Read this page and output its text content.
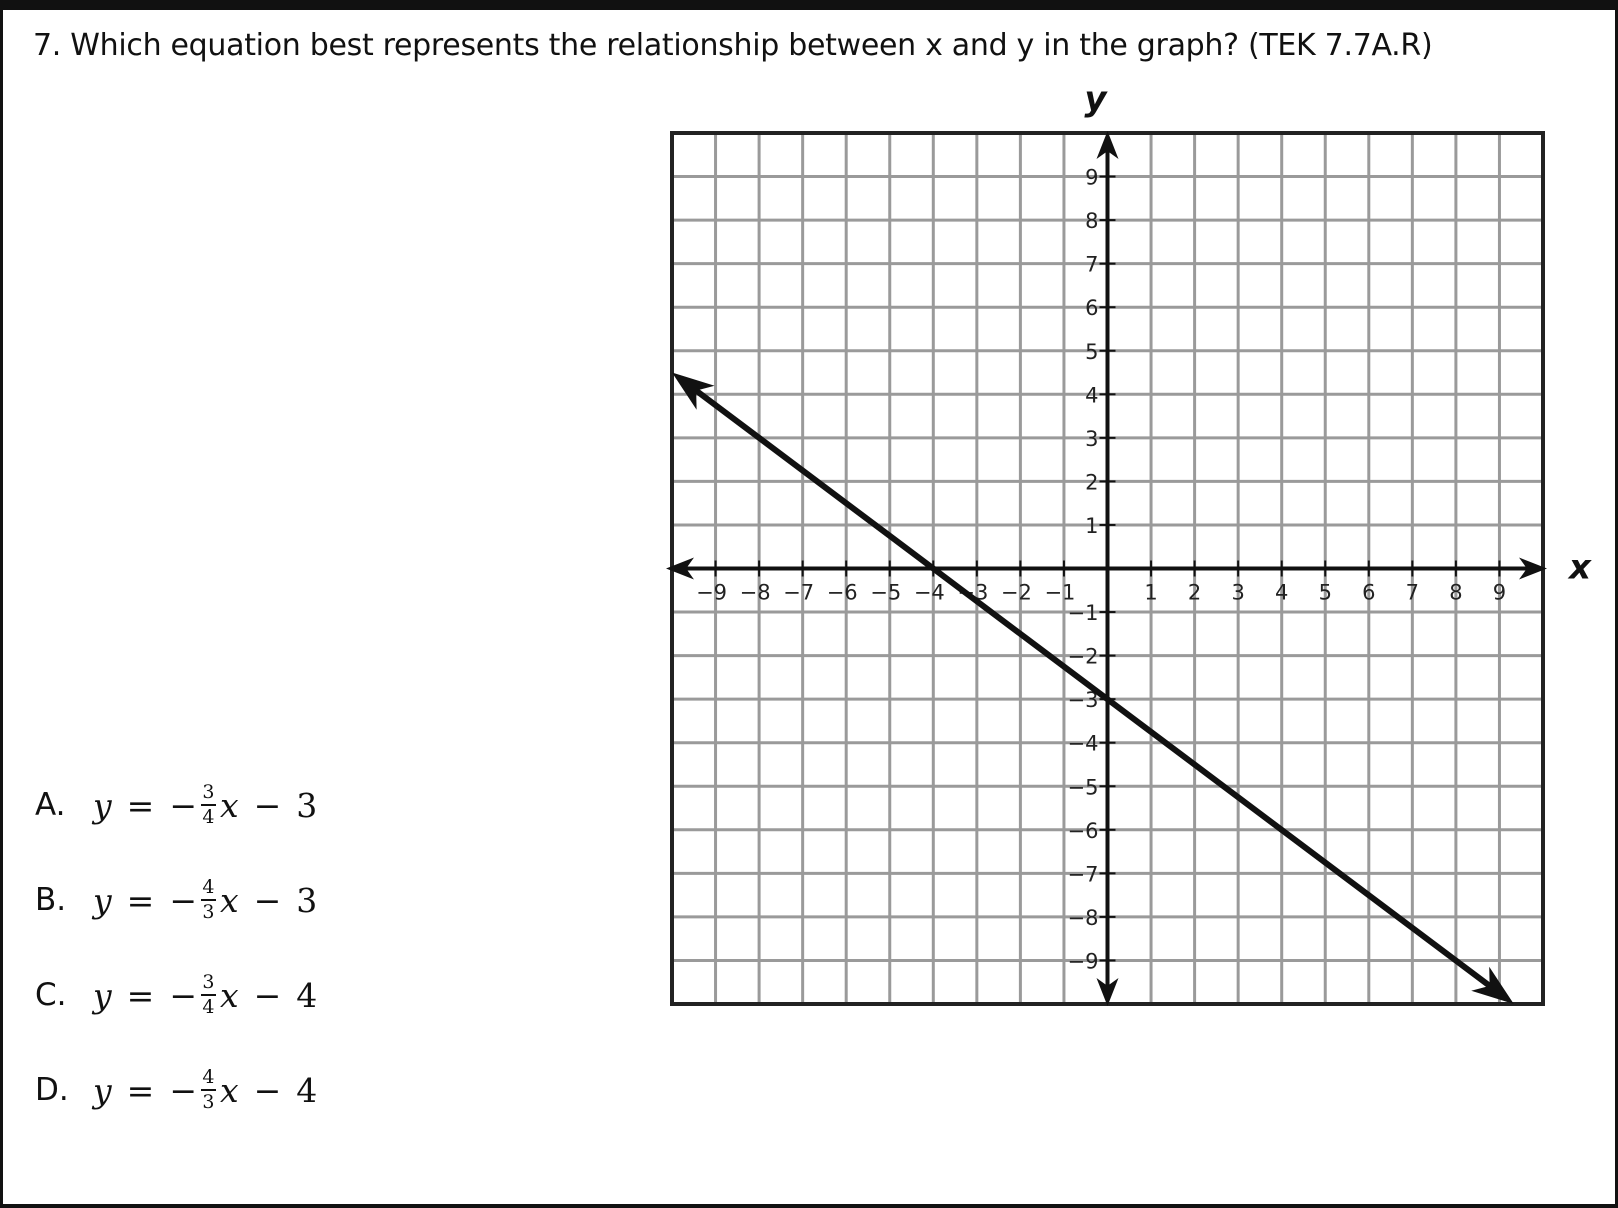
7. Which equation best represents the relationship between x and y in the graph? (TEK 7.7A.R)
A. y = − $\frac{3}{4}$ x − 3
B. y = − $\frac{4}{3}$ x − 3
C. y = − $\frac{3}{4}$ x − 4
D. y = − $\frac{4}{3}$ x − 4
−9 −8 −7 −6 −5 −4 −3 −2 −1	1 2 3 4 5 6 7 8 9
9
8
7
6
5
4
3
2
1
−1
−2
−3
−4
−5
−6
−7
−8
−9
y
x
